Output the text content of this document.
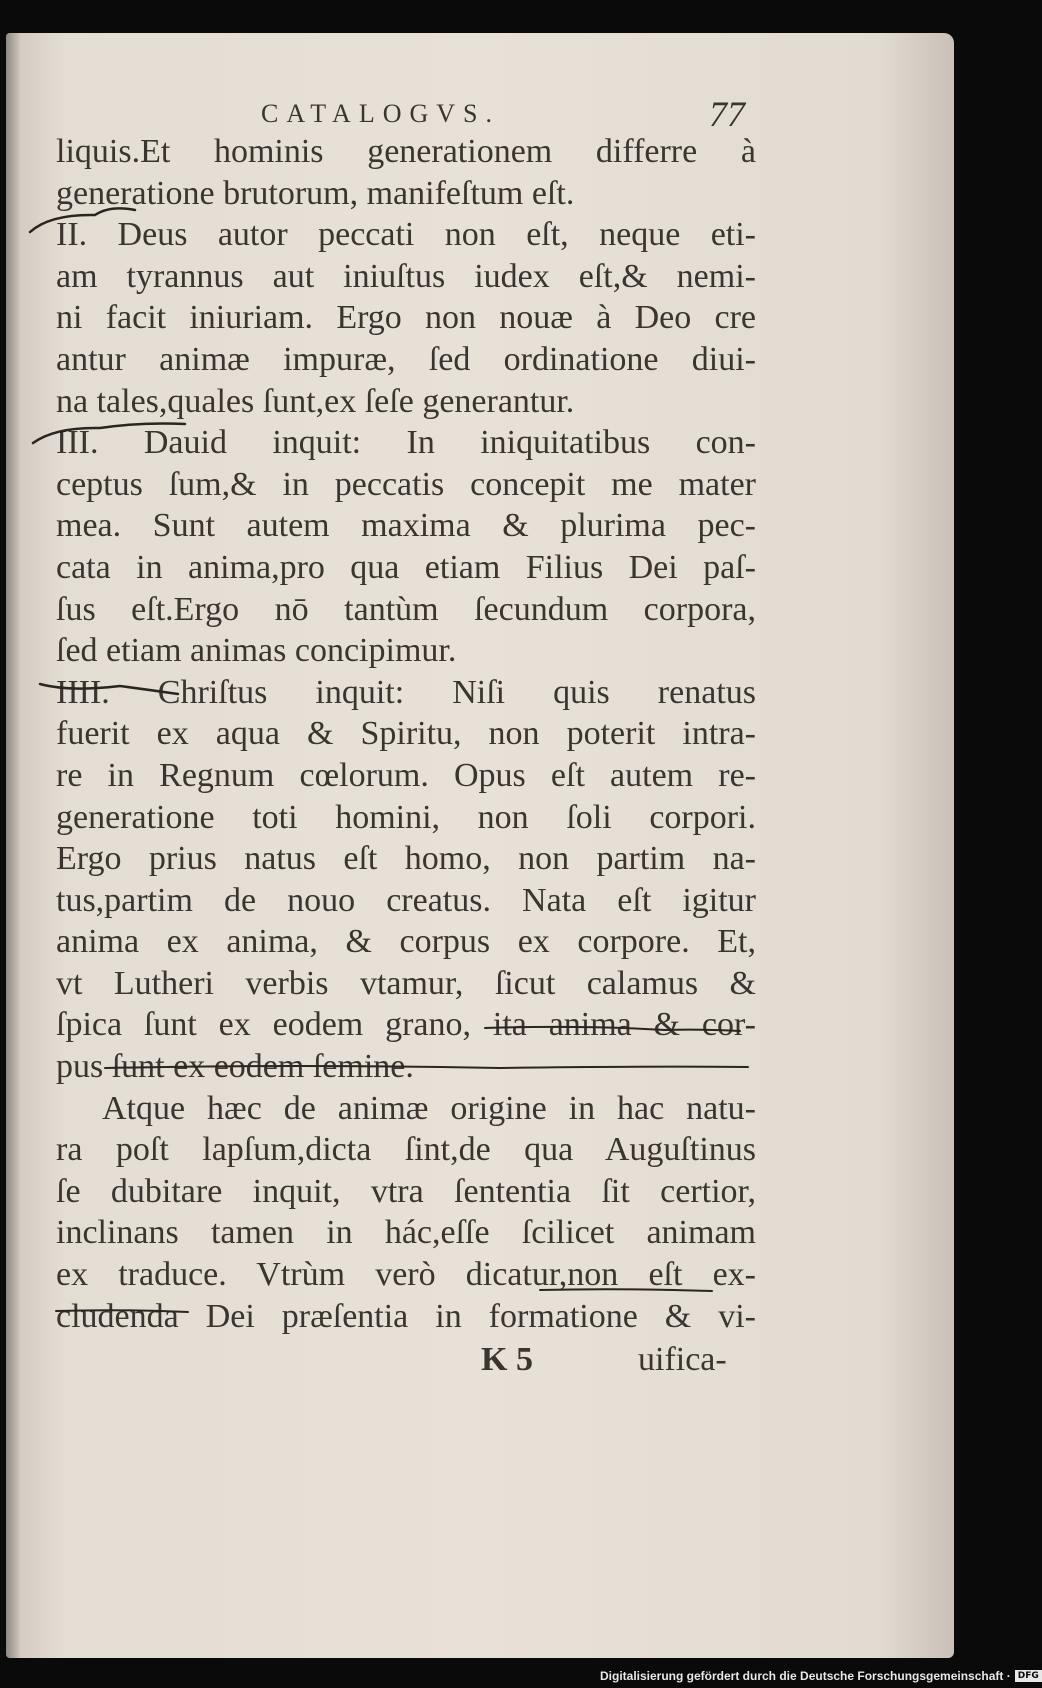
CATALOGVS.	77
liquis.Et hominis generationem differre à
generatione brutorum, manifeſtum eſt.
II. Deus autor peccati non eſt, neque eti-
am tyrannus aut iniuſtus iudex eſt,& nemi-
ni facit iniuriam. Ergo non nouæ à Deo cre
antur animæ impuræ, ſed ordinatione diui-
na tales,quales ſunt,ex ſeſe generantur.
III. Dauid inquit: In iniquitatibus con-
ceptus ſum,& in peccatis concepit me mater
mea. Sunt autem maxima & plurima pec-
cata in anima,pro qua etiam Filius Dei paſ-
ſus eſt.Ergo nō tantùm ſecundum corpora,
ſed etiam animas concipimur.
IIII. Chriſtus inquit: Niſi quis renatus
fuerit ex aqua & Spiritu, non poterit intra-
re in Regnum cœlorum. Opus eſt autem re-
generatione toti homini, non ſoli corpori.
Ergo prius natus eſt homo, non partim na-
tus,partim de nouo creatus. Nata eſt igitur
anima ex anima, & corpus ex corpore. Et,
vt Lutheri verbis vtamur, ſicut calamus &
ſpica ſunt ex eodem grano, ita anima & cor-
pus ſunt ex eodem ſemine.
Atque hæc de animæ origine in hac natu-
ra poſt lapſum,dicta ſint,de qua Auguſtinus
ſe dubitare inquit, vtra ſententia ſit certior,
inclinans tamen in hác,eſſe ſcilicet animam
ex traduce. Vtrùm verò dicatur,non eſt ex-
cludenda Dei præſentia in formatione & vi-
K 5	uifica-
Digitalisierung gefördert durch die Deutsche Forschungsgemeinschaft · DFG
